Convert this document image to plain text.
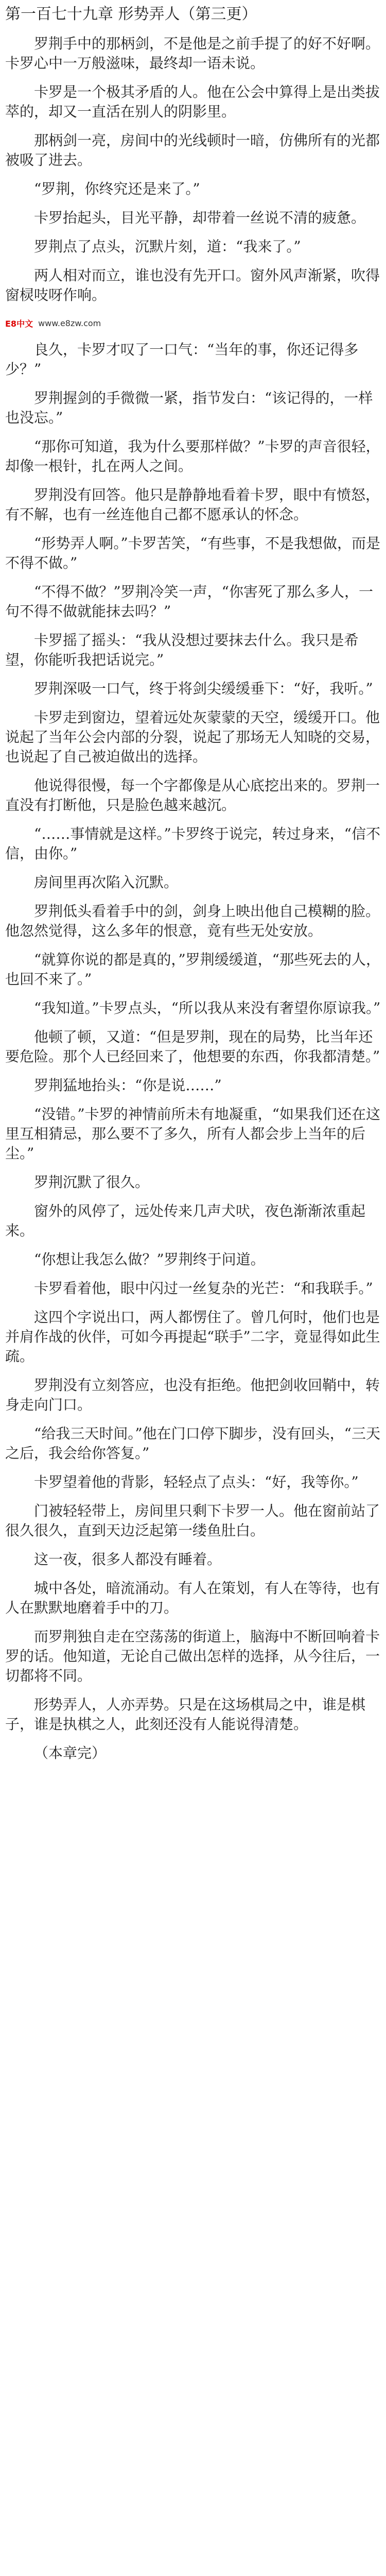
第一百七十九章 形势弄人（第三更）

罗荆手中的那柄剑，不是他是之前手提了的好不好啊。卡罗心中一万般滋味，最终却一语未说。

卡罗是一个极其矛盾的人。他在公会中算得上是出类拔萃的，却又一直活在别人的阴影里。

那柄剑一亮，房间中的光线顿时一暗，仿佛所有的光都被吸了进去。

“罗荆，你终究还是来了。”

卡罗抬起头，目光平静，却带着一丝说不清的疲惫。

罗荆点了点头，沉默片刻，道：“我来了。”

两人相对而立，谁也没有先开口。窗外风声渐紧，吹得窗棂吱呀作响。

E8中文 www.e8zw.com

良久，卡罗才叹了一口气：“当年的事，你还记得多少？”

罗荆握剑的手微微一紧，指节发白：“该记得的，一样也没忘。”

“那你可知道，我为什么要那样做？”卡罗的声音很轻，却像一根针，扎在两人之间。

罗荆没有回答。他只是静静地看着卡罗，眼中有愤怒，有不解，也有一丝连他自己都不愿承认的怀念。

“形势弄人啊。”卡罗苦笑，“有些事，不是我想做，而是不得不做。”

“不得不做？”罗荆冷笑一声，“你害死了那么多人，一句不得不做就能抹去吗？”

卡罗摇了摇头：“我从没想过要抹去什么。我只是希望，你能听我把话说完。”

罗荆深吸一口气，终于将剑尖缓缓垂下：“好，我听。”

卡罗走到窗边，望着远处灰蒙蒙的天空，缓缓开口。他说起了当年公会内部的分裂，说起了那场无人知晓的交易，也说起了自己被迫做出的选择。

他说得很慢，每一个字都像是从心底挖出来的。罗荆一直没有打断他，只是脸色越来越沉。

“……事情就是这样。”卡罗终于说完，转过身来，“信不信，由你。”

房间里再次陷入沉默。

罗荆低头看着手中的剑，剑身上映出他自己模糊的脸。他忽然觉得，这么多年的恨意，竟有些无处安放。

“就算你说的都是真的，”罗荆缓缓道，“那些死去的人，也回不来了。”

“我知道。”卡罗点头，“所以我从来没有奢望你原谅我。”

他顿了顿，又道：“但是罗荆，现在的局势，比当年还要危险。那个人已经回来了，他想要的东西，你我都清楚。”

罗荆猛地抬头：“你是说……”

“没错。”卡罗的神情前所未有地凝重，“如果我们还在这里互相猜忌，那么要不了多久，所有人都会步上当年的后尘。”

罗荆沉默了很久。

窗外的风停了，远处传来几声犬吠，夜色渐渐浓重起来。

“你想让我怎么做？”罗荆终于问道。

卡罗看着他，眼中闪过一丝复杂的光芒：“和我联手。”

这四个字说出口，两人都愣住了。曾几何时，他们也是并肩作战的伙伴，可如今再提起“联手”二字，竟显得如此生疏。

罗荆没有立刻答应，也没有拒绝。他把剑收回鞘中，转身走向门口。

“给我三天时间。”他在门口停下脚步，没有回头，“三天之后，我会给你答复。”

卡罗望着他的背影，轻轻点了点头：“好，我等你。”

门被轻轻带上，房间里只剩下卡罗一人。他在窗前站了很久很久，直到天边泛起第一缕鱼肚白。

这一夜，很多人都没有睡着。

城中各处，暗流涌动。有人在策划，有人在等待，也有人在默默地磨着手中的刀。

而罗荆独自走在空荡荡的街道上，脑海中不断回响着卡罗的话。他知道，无论自己做出怎样的选择，从今往后，一切都将不同。

形势弄人，人亦弄势。只是在这场棋局之中，谁是棋子，谁是执棋之人，此刻还没有人能说得清楚。

（本章完）
